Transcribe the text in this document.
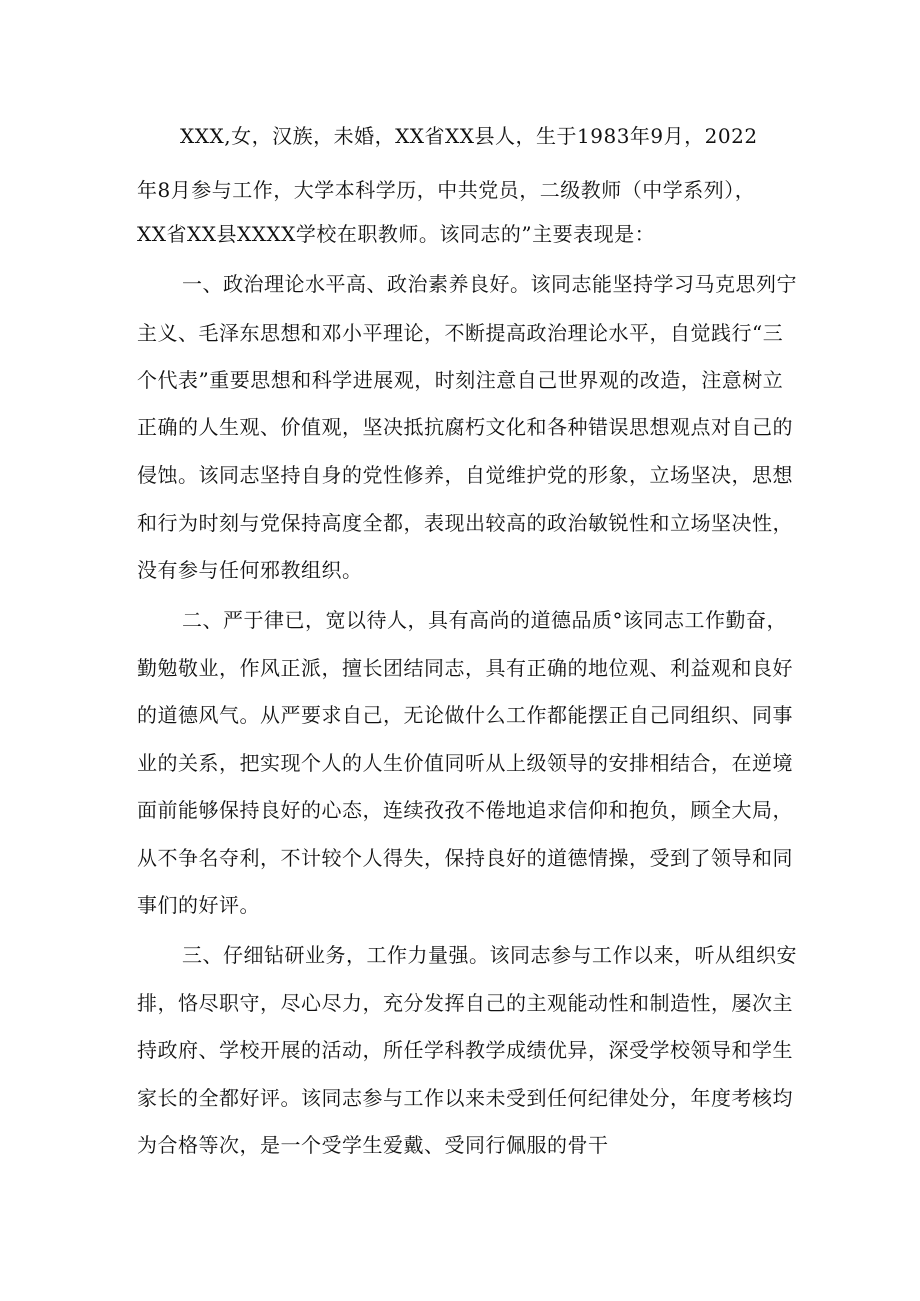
XXX,女，汉族，未婚，XX省XX县人，生于1983年9月，2022
年8月参与工作，大学本科学历，中共党员，二级教师（中学系列），
XX省XX县XXXX学校在职教师。该同志的”主要表现是：
一、政治理论水平高、政治素养良好。该同志能坚持学习马克思列宁
主义、毛泽东思想和邓小平理论，不断提高政治理论水平，自觉践行“三
个代表”重要思想和科学进展观，时刻注意自己世界观的改造，注意树立
正确的人生观、价值观，坚决抵抗腐朽文化和各种错误思想观点对自己的
侵蚀。该同志坚持自身的党性修养，自觉维护党的形象，立场坚决，思想
和行为时刻与党保持高度全都，表现出较高的政治敏锐性和立场坚决性，
没有参与任何邪教组织。
二、严于律已，宽以待人，具有高尚的道德品质°该同志工作勤奋，
勤勉敬业，作风正派，擅长团结同志，具有正确的地位观、利益观和良好
的道德风气。从严要求自己，无论做什么工作都能摆正自己同组织、同事
业的关系，把实现个人的人生价值同听从上级领导的安排相结合，在逆境
面前能够保持良好的心态，连续孜孜不倦地追求信仰和抱负，顾全大局，
从不争名夺利，不计较个人得失，保持良好的道德情操，受到了领导和同
事们的好评。
三、仔细钻研业务，工作力量强。该同志参与工作以来，听从组织安
排，恪尽职守，尽心尽力，充分发挥自己的主观能动性和制造性，屡次主
持政府、学校开展的活动，所任学科教学成绩优异，深受学校领导和学生
家长的全都好评。该同志参与工作以来未受到任何纪律处分，年度考核均
为合格等次，是一个受学生爱戴、受同行佩服的骨干
